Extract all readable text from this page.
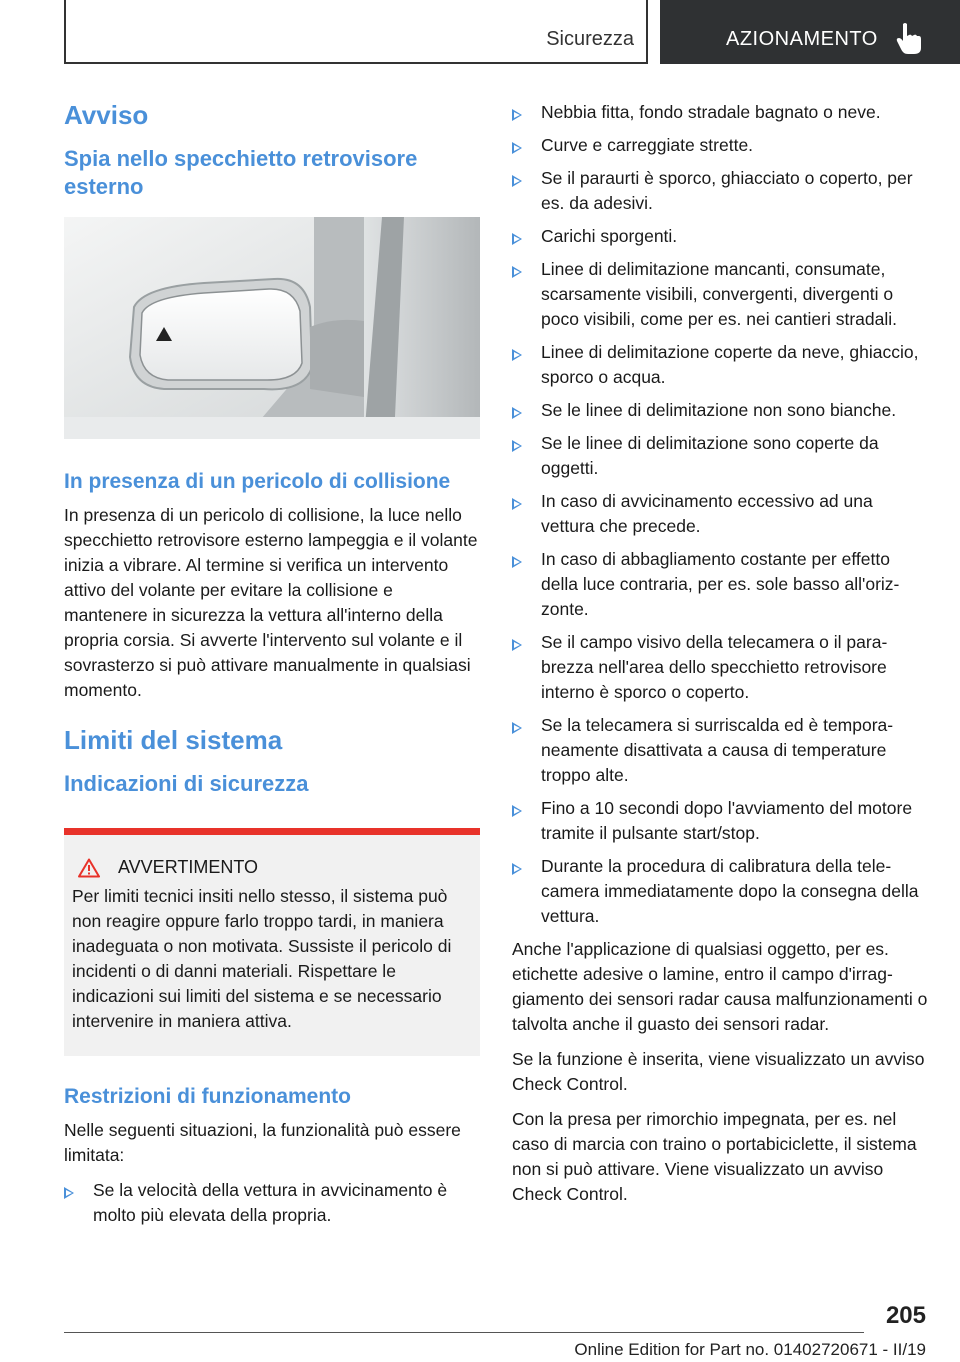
Sicurezza	AZIONAMENTO
Avviso
Spia nello specchietto retrovisore esterno
In presenza di un pericolo di collisione

In presenza di un pericolo di collisione, la luce nello specchietto retrovisore esterno lampeggia e il volante inizia a vibrare. Al termine si verifica un intervento attivo del volante per evitare la collisione e mantenere in sicurezza la vettura all'interno della propria corsia. Si avverte l'intervento sul volante e il sovrasterzo si può attivare manualmente in qualsiasi momento.

Limiti del sistema
Indicazioni di sicurezza
AVVERTIMENTO

Per limiti tecnici insiti nello stesso, il sistema può non reagire oppure farlo troppo tardi, in maniera inadeguata o non motivata. Sussiste il pericolo di incidenti o di danni materiali. Rispettare le indicazioni sui limiti del sistema e se necessario intervenire in maniera attiva.

Restrizioni di funzionamento

Nelle seguenti situazioni, la funzionalità può essere limitata:

Se la velocità della vettura in avvicinamento è molto più elevata della propria.
Nebbia fitta, fondo stradale bagnato o neve.
Curve e carreggiate strette.
Se il paraurti è sporco, ghiacciato o coperto, per es. da adesivi.
Carichi sporgenti.
Linee di delimitazione mancanti, consumate, scarsamente visibili, convergenti, divergenti o poco visibili, come per es. nei cantieri stradali.
Linee di delimitazione coperte da neve, ghiaccio, sporco o acqua.
Se le linee di delimitazione non sono bianche.
Se le linee di delimitazione sono coperte da oggetti.
In caso di avvicinamento eccessivo ad una vettura che precede.
In caso di abbagliamento costante per effetto della luce contraria, per es. sole basso all'orizzonte.
Se il campo visivo della telecamera o il parabrezza nell'area dello specchietto retrovisore interno è sporco o coperto.
Se la telecamera si surriscalda ed è temporaneamente disattivata a causa di temperature troppo alte.
Fino a 10 secondi dopo l'avviamento del motore tramite il pulsante start/stop.
Durante la procedura di calibratura della telecamera immediatamente dopo la consegna della vettura.

Anche l'applicazione di qualsiasi oggetto, per es. etichette adesive o lamine, entro il campo d'irraggiamento dei sensori radar causa malfunzionamenti o talvolta anche il guasto dei sensori radar.

Se la funzione è inserita, viene visualizzato un avviso Check Control.

Con la presa per rimorchio impegnata, per es. nel caso di marcia con traino o portabiciclette, il sistema non si può attivare. Viene visualizzato un avviso Check Control.

205
Online Edition for Part no. 01402720671 - II/19
